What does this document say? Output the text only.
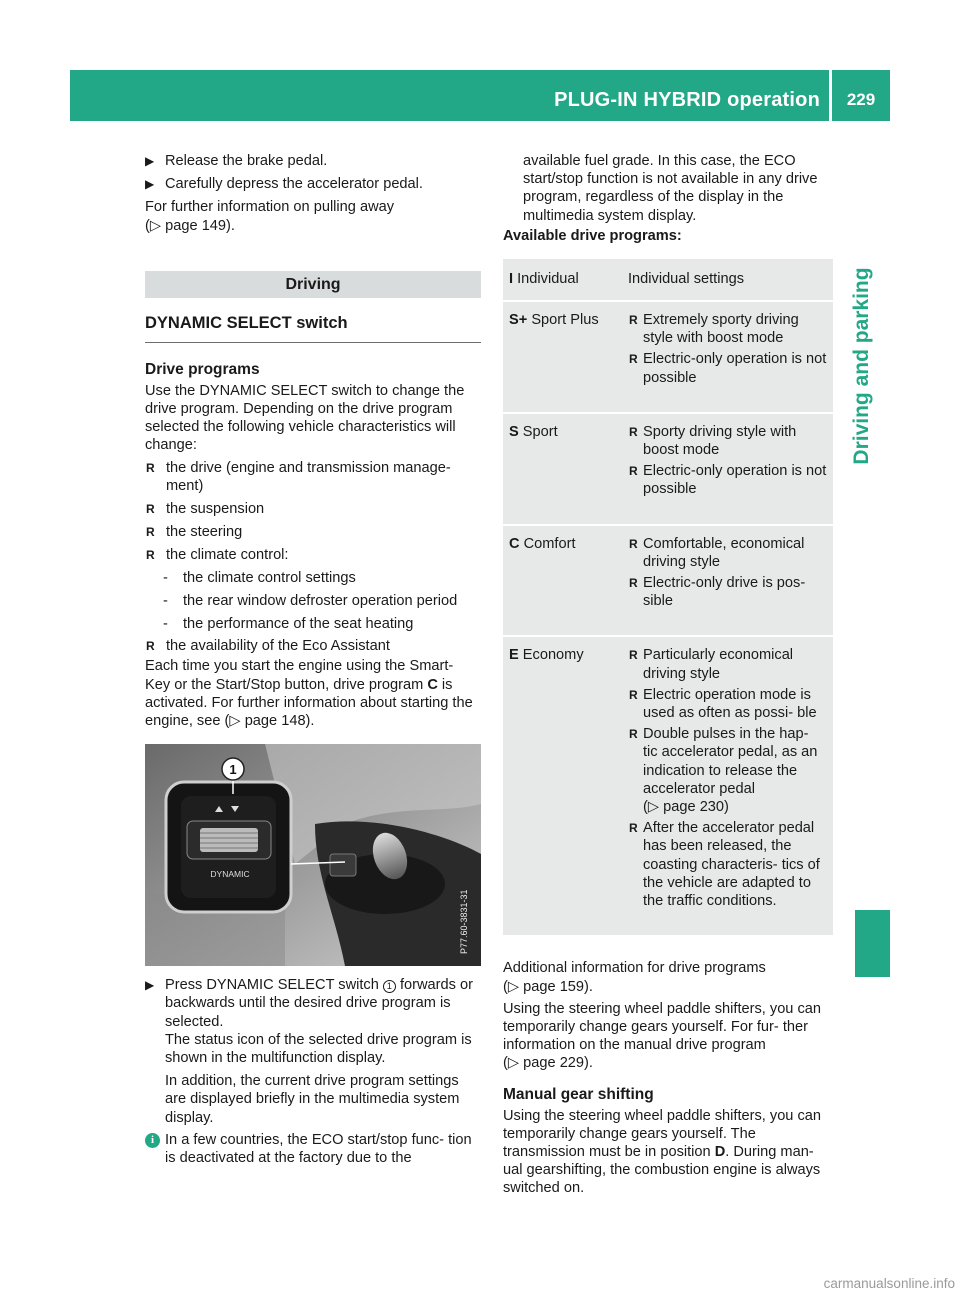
PLUG-IN HYBRID operation	229
Driving and parking
▶ Release the brake pedal.
▶ Carefully depress the accelerator pedal.

For further information on pulling away
(▷ page 149).

Driving
DYNAMIC SELECT switch
Drive programs

Use the DYNAMIC SELECT switch to change the drive program. Depending on the drive program selected the following vehicle characteristics will change:

R the drive (engine and transmission manage- ment)
R the suspension
R the steering
R the climate control:
- the climate control settings
- the rear window defroster operation period
- the performance of the seat heating
R the availability of the Eco Assistant

Each time you start the engine using the Smart- Key or the Start/Stop button, drive program C is activated. For further information about starting the engine, see (▷ page 148).

1
DYNAMIC
P77.60-3831-31
▶ Press DYNAMIC SELECT switch 1 forwards or backwards until the desired drive program is selected.

The status icon of the selected drive program is shown in the multifunction display.

In addition, the current drive program settings are displayed briefly in the multimedia system display.

i In a few countries, the ECO start/stop func- tion is deactivated at the factory due to the

available fuel grade. In this case, the ECO start/stop function is not available in any drive program, regardless of the display in the multimedia system display.

Available drive programs:
I Individual	Individual settings
S+ Sport Plus	R Extremely sporty driving style with boost mode
R Electric-only operation is not possible
S Sport	R Sporty driving style with boost mode
R Electric-only operation is not possible
C Comfort	R Comfortable, economical driving style
R Electric-only drive is pos- sible
E Economy	R Particularly economical driving style
R Electric operation mode is used as often as possi- ble
R Double pulses in the hap- tic accelerator pedal, as an indication to release the accelerator pedal
(▷ page 230)
R After the accelerator pedal has been released, the coasting characteris- tics of the vehicle are adapted to the traffic conditions.

Additional information for drive programs
(▷ page 159).

Using the steering wheel paddle shifters, you can temporarily change gears yourself. For fur- ther information on the manual drive program
(▷ page 229).

Manual gear shifting

Using the steering wheel paddle shifters, you can temporarily change gears yourself. The transmission must be in position D. During man- ual gearshifting, the combustion engine is always switched on.

carmanualsonline.info
